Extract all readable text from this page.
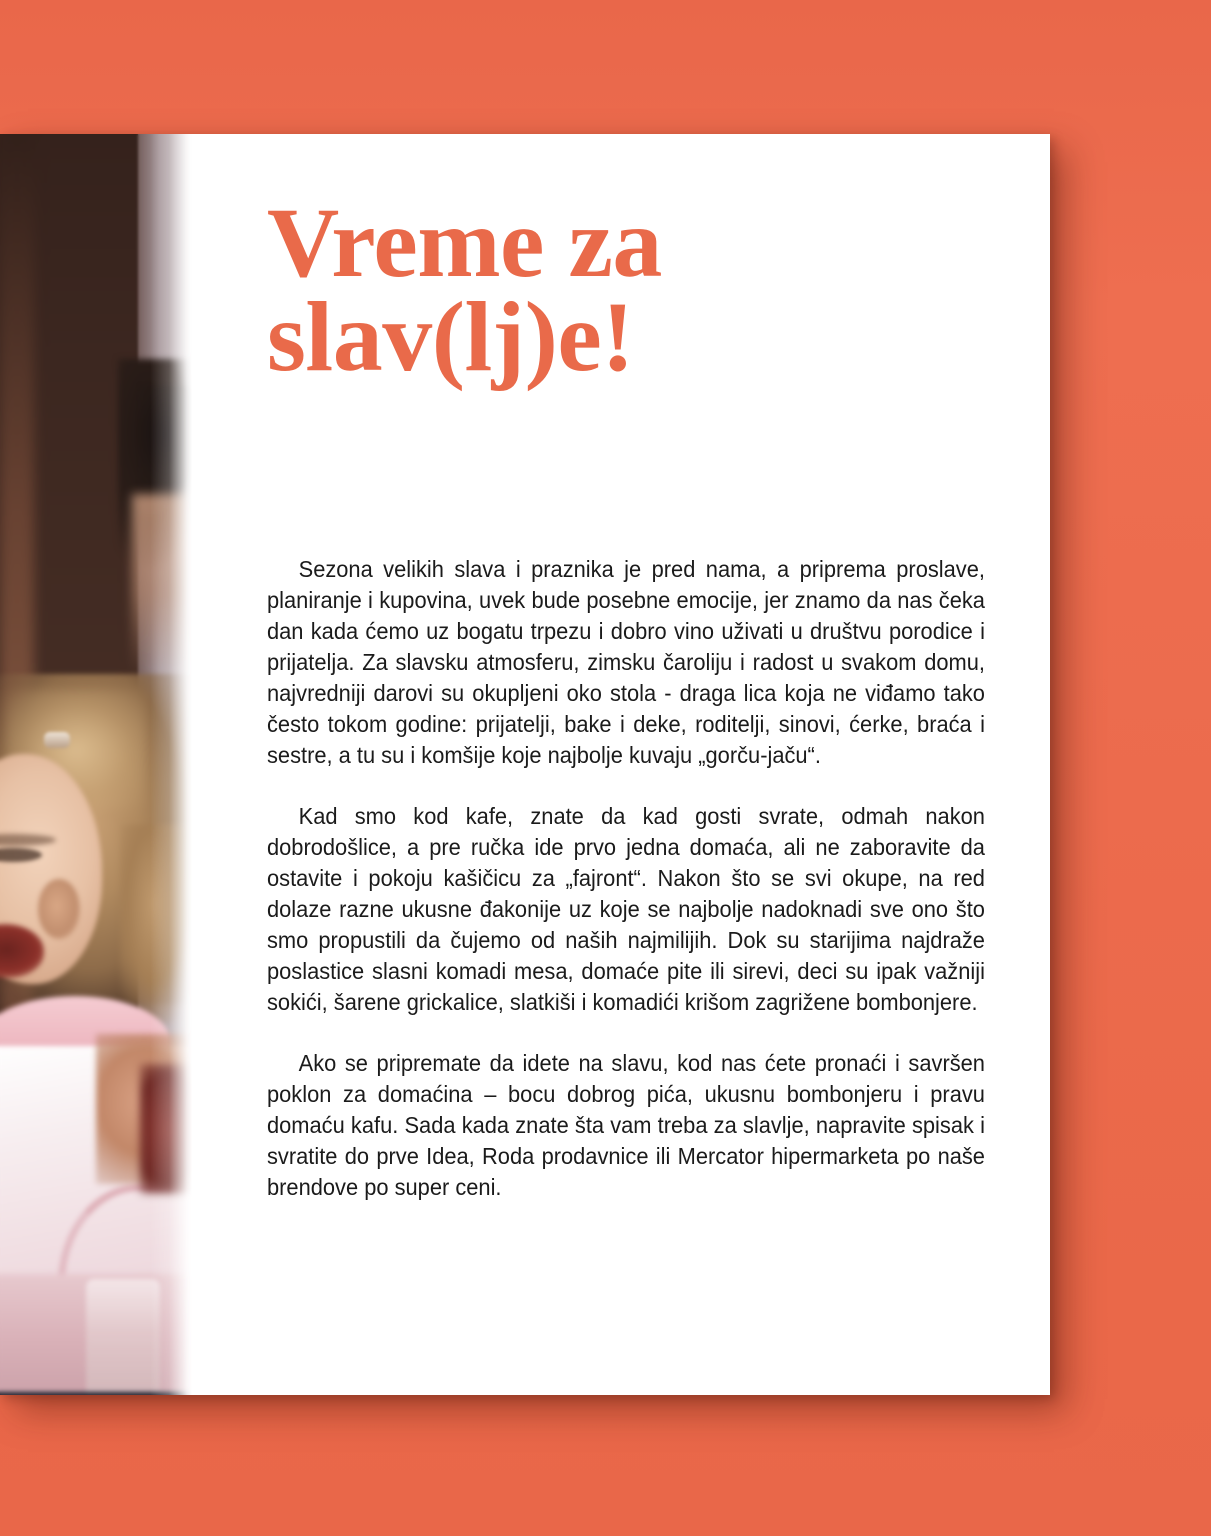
Vreme za
slav(lj)e!

Sezona velikih slava i praznika je pred nama, a priprema proslave, planiranje i kupovina, uvek bude posebne emocije, jer znamo da nas čeka dan kada ćemo uz bogatu trpezu i dobro vino uživati u društvu porodice i prijatelja. Za slavsku atmosferu, zimsku čaroliju i radost u svakom domu, najvredniji darovi su okupljeni oko stola - draga lica koja ne viđamo tako često tokom godine: prijatelji, bake i deke, roditelji, sinovi, ćerke, braća i sestre, a tu su i komšije koje najbolje kuvaju „gorču-jaču“.

Kad smo kod kafe, znate da kad gosti svrate, odmah nakon dobrodošlice, a pre ručka ide prvo jedna domaća, ali ne zaboravite da ostavite i pokoju kašičicu za „fajront“. Nakon što se svi okupe, na red dolaze razne ukusne đakonije uz koje se najbolje nadoknadi sve ono što smo propustili da čujemo od naših najmilijih. Dok su starijima najdraže poslastice slasni komadi mesa, domaće pite ili sirevi, deci su ipak važniji sokići, šarene grickalice, slatkiši i komadići krišom zagrižene bombonjere.

Ako se pripremate da idete na slavu, kod nas ćete pronaći i savršen poklon za domaćina – bocu dobrog pića, ukusnu bombonjeru i pravu domaću kafu. Sada kada znate šta vam treba za slavlje, napravite spisak i svratite do prve Idea, Roda prodavnice ili Mercator hipermarketa po naše brendove po super ceni.
